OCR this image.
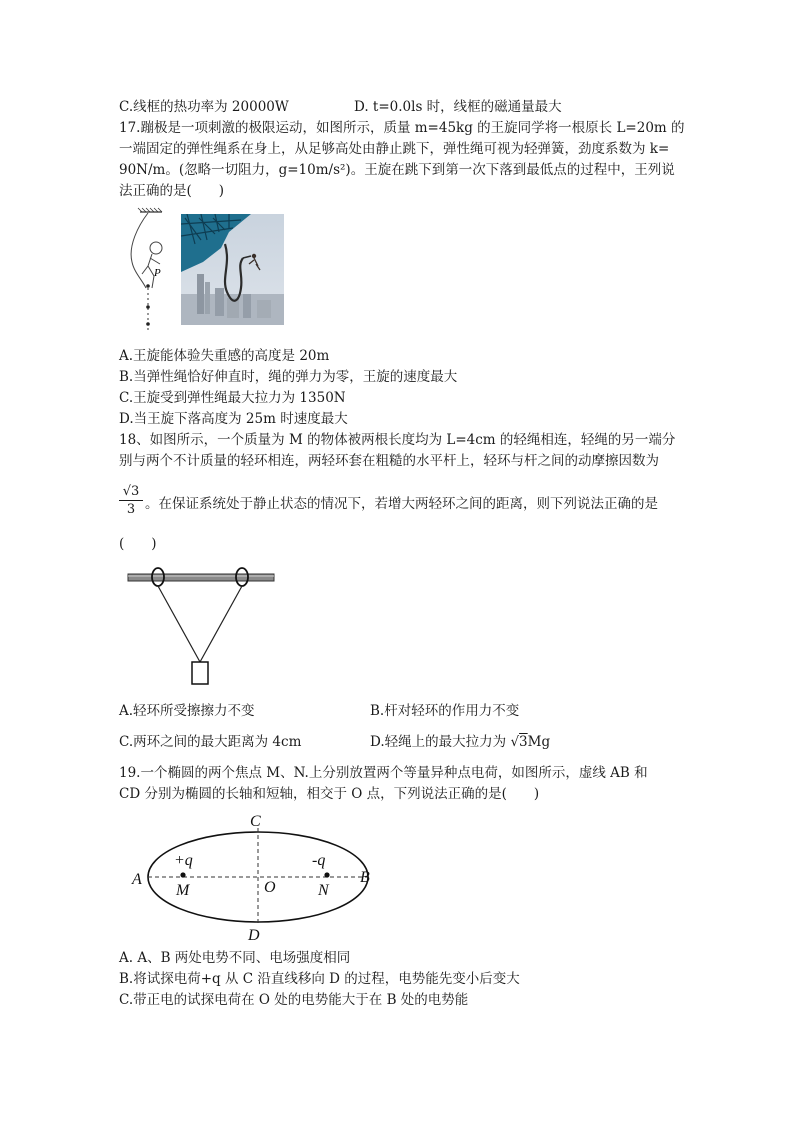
C.线框的热功率为 20000W	D. t=0.0ls 时，线框的磁通量最大
17.蹦极是一项刺激的极限运动，如图所示，质量 m=45kg 的王旋同学将一根原长 L=20m 的
一端固定的弹性绳系在身上，从足够高处由静止跳下，弹性绳可视为轻弹簧，劲度系数为 k=
90N/m。(忽略一切阻力，g=10m/s²)。王旋在跳下到第一次下落到最低点的过程中，王列说
法正确的是(　　)
P
A.王旋能体验失重感的高度是 20m
B.当弹性绳恰好伸直时，绳的弹力为零，王旋的速度最大
C.王旋受到弹性绳最大拉力为 1350N
D.当王旋下落高度为 25m 时速度最大
18、如图所示，一个质量为 M 的物体被两根长度均为 L=4cm 的轻绳相连，轻绳的另一端分
别与两个不计质量的轻环相连，两轻环套在粗糙的水平杆上，轻环与杆之间的动摩擦因数为
$\frac{√3}{3}$ 。在保证系统处于静止状态的情况下，若增大两轻环之间的距离，则下列说法正确的是
(　　)
A.轻环所受擦擦力不变	B.杆对轻环的作用力不变
C.两环之间的最大距离为 4cm	D.轻绳上的最大拉力为 √3Mg
19.一个椭圆的两个焦点 M、N.上分别放置两个等量异种点电荷，如图所示，虚线 AB 和
CD 分别为椭圆的长轴和短轴，相交于 O 点，下列说法正确的是(　　)
C
D
A	B
M	N
O
+q	-q
A. A、B 两处电势不同、电场强度相同
B.将试探电荷+q 从 C 沿直线移向 D 的过程，电势能先变小后变大
C.带正电的试探电荷在 O 处的电势能大于在 B 处的电势能
